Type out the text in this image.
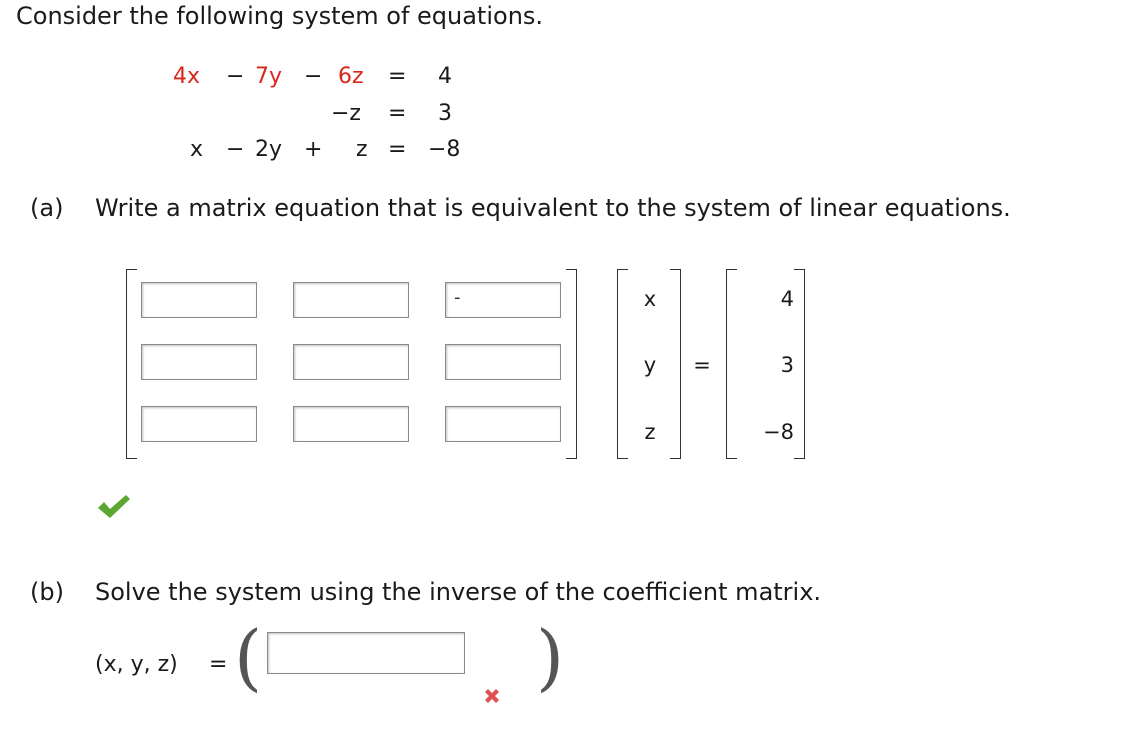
Consider the following system of equations.
4x − 7y − 6z = 4
−z = 3
x − 2y + z = −8
(a) Write a matrix equation that is equivalent to the system of linear equations.
-	x
y
z
=
4
3
−8
(b) Solve the system using the inverse of the coefficient matrix.
(x, y, z) = (	)
